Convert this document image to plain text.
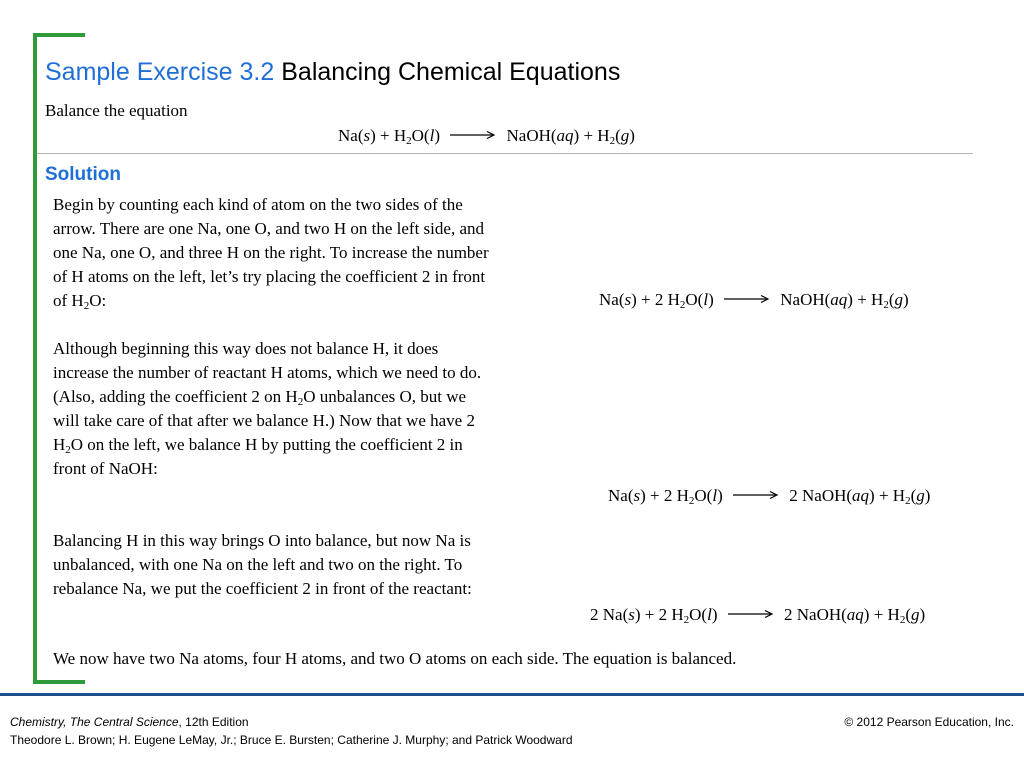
Sample Exercise 3.2 Balancing Chemical Equations
Balance the equation
$Na(s) + H_2O(l)$	NaOH(aq) + $H_2(g)$
Solution
Begin by counting each kind of atom on the two sides of the arrow. There are one Na, one O, and two H on the left side, and one Na, one O, and three H on the right. To increase the number of H atoms on the left, let’s try placing the coefficient 2 in front of $H_2O$:	Na(s) + 2 $H_2O(l)$	NaOH(aq) + $H_2(g)$
Although beginning this way does not balance H, it does increase the number of reactant H atoms, which we need to do. (Also, adding the coefficient 2 on $H_2O$ unbalances O, but we will take care of that after we balance H.) Now that we have 2 $H_2O$ on the left, we balance H by putting the coefficient 2 in front of NaOH:
Na(s) + 2 $H_2O(l)$	2 NaOH(aq) + $H_2(g)$
Balancing H in this way brings O into balance, but now Na is unbalanced, with one Na on the left and two on the right. To rebalance Na, we put the coefficient 2 in front of the reactant:
2 Na(s) + 2 $H_2O(l)$	2 NaOH(aq) + $H_2(g)$
We now have two Na atoms, four H atoms, and two O atoms on each side. The equation is balanced.
Chemistry, The Central Science, 12th Edition
Theodore L. Brown; H. Eugene LeMay, Jr.; Bruce E. Bursten; Catherine J. Murphy; and Patrick Woodward
© 2012 Pearson Education, Inc.
